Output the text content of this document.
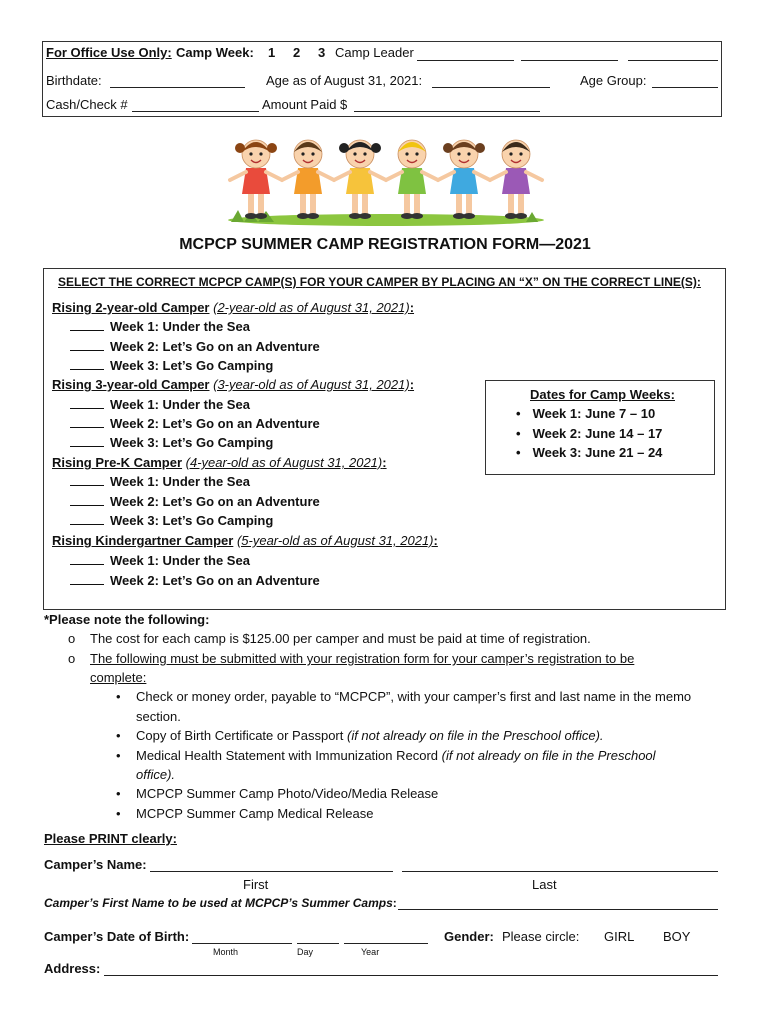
For Office Use Only: Camp Week: 1 2 3 Camp Leader
Birthdate:	Age as of August 31, 2021:	Age Group:
Cash/Check #	Amount Paid $
MCPCP SUMMER CAMP REGISTRATION FORM—2021
SELECT THE CORRECT MCPCP CAMP(S) FOR YOUR CAMPER BY PLACING AN “X” ON THE CORRECT LINE(S):
Rising 2-year-old Camper (2-year-old as of August 31, 2021):
Week 1: Under the Sea
Week 2: Let’s Go on an Adventure
Week 3: Let’s Go Camping
Rising 3-year-old Camper (3-year-old as of August 31, 2021):
Week 1: Under the Sea
Week 2: Let’s Go on an Adventure
Week 3: Let’s Go Camping
Rising Pre-K Camper (4-year-old as of August 31, 2021):
Week 1: Under the Sea
Week 2: Let’s Go on an Adventure
Week 3: Let’s Go Camping
Rising Kindergartner Camper (5-year-old as of August 31, 2021):
Week 1: Under the Sea
Week 2: Let’s Go on an Adventure
Dates for Camp Weeks:
• Week 1: June 7 – 10
• Week 2: June 14 – 17
• Week 3: June 21 – 24
*Please note the following:
o The cost for each camp is $125.00 per camper and must be paid at time of registration.
o The following must be submitted with your registration form for your camper’s registration to be
complete:
• Check or money order, payable to “MCPCP”, with your camper’s first and last name in the memo
section.
• Copy of Birth Certificate or Passport (if not already on file in the Preschool office).
• Medical Health Statement with Immunization Record (if not already on file in the Preschool
office).
• MCPCP Summer Camp Photo/Video/Media Release
• MCPCP Summer Camp Medical Release
Please PRINT clearly:
Camper’s Name:
First	Last
Camper’s First Name to be used at MCPCP’s Summer Camps:
Camper’s Date of Birth:
Month	Day	Year
Gender: Please circle: GIRL BOY
Address:
